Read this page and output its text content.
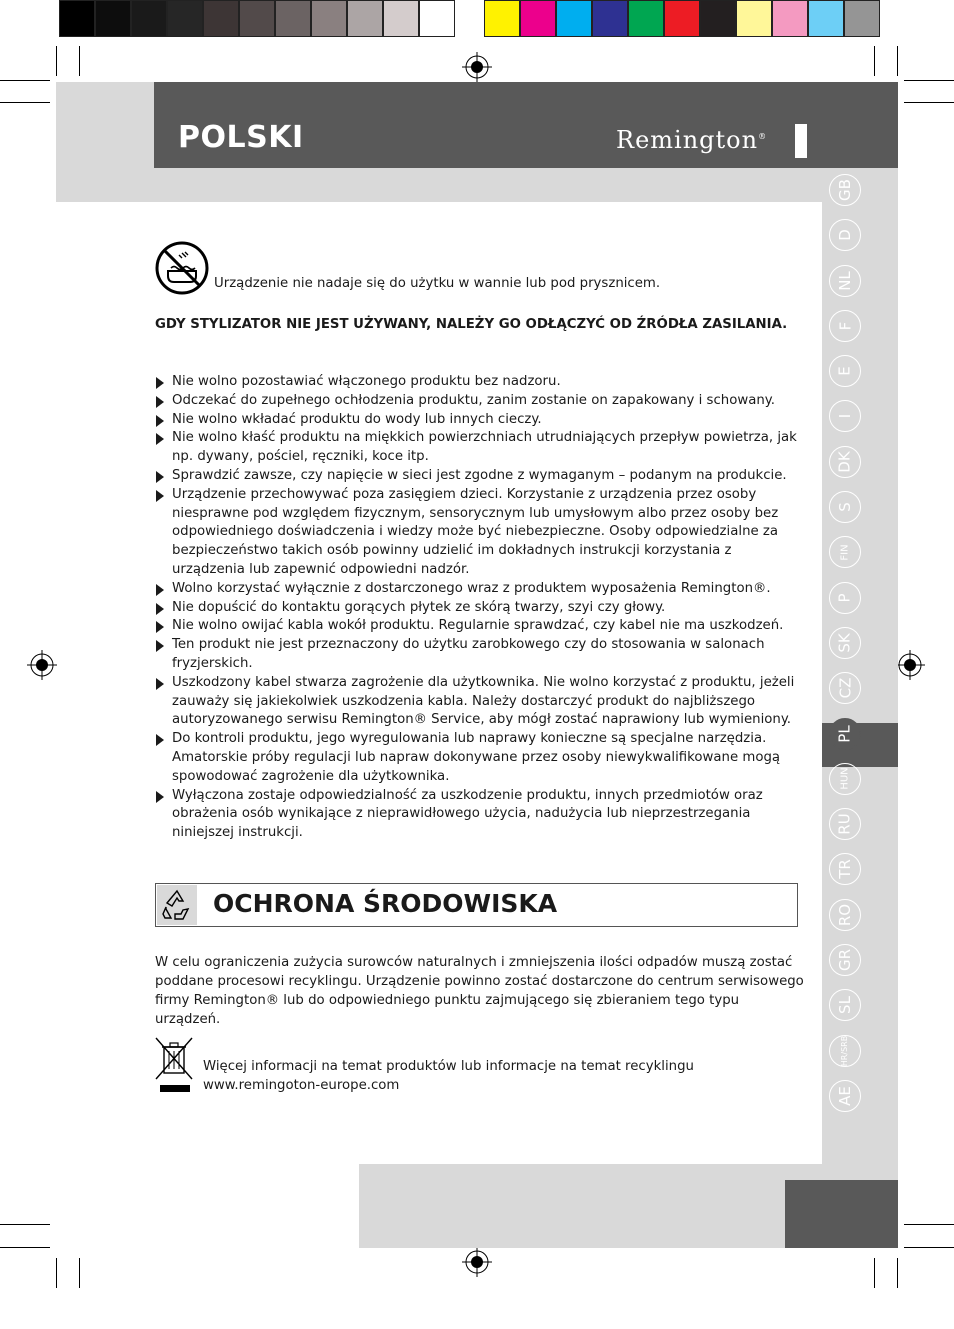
POLSKI	Remington®
GB
D
NL
F
E
I
DK
S
FIN
P
SK
CZ
PL
HUN
RU
TR
RO
GR
SL
HR/SRB
AE
Urządzenie nie nadaje się do użytku w wannie lub pod prysznicem.
GDY STYLIZATOR NIE JEST UŻYWANY, NALEŻY GO ODŁĄCZYĆ OD ŹRÓDŁA ZASILANIA.
Nie wolno pozostawiać włączonego produktu bez nadzoru.
Odczekać do zupełnego ochłodzenia produktu, zanim zostanie on zapakowany i schowany.
Nie wolno wkładać produktu do wody lub innych cieczy.
Nie wolno kłaść produktu na miękkich powierzchniach utrudniających przepływ powietrza, jak np. dywany, pościel, ręczniki, koce itp.
Sprawdzić zawsze, czy napięcie w sieci jest zgodne z wymaganym – podanym na produkcie.
Urządzenie przechowywać poza zasięgiem dzieci. Korzystanie z urządzenia przez osoby niesprawne pod względem fizycznym, sensorycznym lub umysłowym albo przez osoby bez odpowiedniego doświadczenia i wiedzy może być niebezpieczne. Osoby odpowiedzialne za bezpieczeństwo takich osób powinny udzielić im dokładnych instrukcji korzystania z urządzenia lub zapewnić odpowiedni nadzór.
Wolno korzystać wyłącznie z dostarczonego wraz z produktem wyposażenia Remington®.
Nie dopuścić do kontaktu gorących płytek ze skórą twarzy, szyi czy głowy.
Nie wolno owijać kabla wokół produktu. Regularnie sprawdzać, czy kabel nie ma uszkodzeń.
Ten produkt nie jest przeznaczony do użytku zarobkowego czy do stosowania w salonach fryzjerskich.
Uszkodzony kabel stwarza zagrożenie dla użytkownika. Nie wolno korzystać z produktu, jeżeli zauważy się jakiekolwiek uszkodzenia kabla. Należy dostarczyć produkt do najbliższego autoryzowanego serwisu Remington® Service, aby mógł zostać naprawiony lub wymieniony.
Do kontroli produktu, jego wyregulowania lub naprawy konieczne są specjalne narzędzia. Amatorskie próby regulacji lub napraw dokonywane przez osoby niewykwalifikowane mogą spowodować zagrożenie dla użytkownika.
Wyłączona zostaje odpowiedzialność za uszkodzenie produktu, innych przedmiotów oraz obrażenia osób wynikające z nieprawidłowego użycia, nadużycia lub nieprzestrzegania niniejszej instrukcji.
OCHRONA ŚRODOWISKA
W celu ograniczenia zużycia surowców naturalnych i zmniejszenia ilości odpadów muszą zostać poddane procesowi recyklingu. Urządzenie powinno zostać dostarczone do centrum serwisowego firmy Remington® lub do odpowiedniego punktu zajmującego się zbieraniem tego typu urządzeń.
Więcej informacji na temat produktów lub informacje na temat recyklingu
www.remingoton-europe.com
